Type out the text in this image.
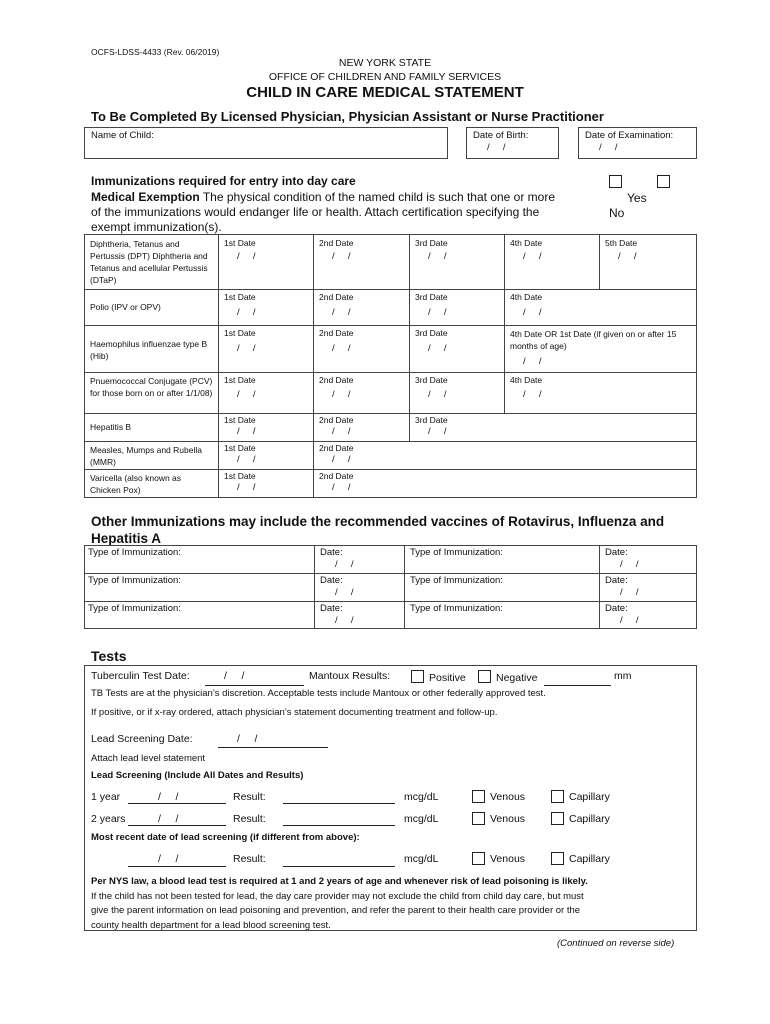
OCFS-LDSS-4433 (Rev. 06/2019)
NEW YORK STATE
OFFICE OF CHILDREN AND FAMILY SERVICES
CHILD IN CARE MEDICAL STATEMENT
To Be Completed By Licensed Physician, Physician Assistant or Nurse Practitioner
Name of Child:	Date of Birth:
/     /
Date of Examination:
/     /
Immunizations required for entry into day care
Medical Exemption The physical condition of the named child is such that one or more
of the immunizations would endanger life or health. Attach certification specifying the
exempt immunization(s).
Yes
No
Diphtheria, Tetanus and Pertussis (DPT) Diphtheria and Tetanus and acellular Pertussis (DTaP)
1st Date	2nd Date	3rd Date	4th Date	5th Date
/     /	/     /	/     /	/     /	/     /
Polio (IPV or OPV)
1st Date	2nd Date	3rd Date	4th Date
/     /	/     /	/     /	/     /
Haemophilus influenzae type B (Hib)
1st Date	2nd Date	3rd Date	4th Date OR 1st Date (if given on or after 15 months of age)
/     /	/     /	/     /
/     /
Pnuemococcal Conjugate (PCV) for those born on or after 1/1/08)
1st Date	2nd Date	3rd Date	4th Date
/     /	/     /	/     /	/     /
Hepatitis B
1st Date	2nd Date	3rd Date
/     /	/     /	/     /
Measles, Mumps and Rubella (MMR)
1st Date	2nd Date
/     /	/     /
Varicella (also known as Chicken Pox)
1st Date	2nd Date
/     /	/     /
Other Immunizations may include the recommended vaccines of Rotavirus, Influenza and
Hepatitis A
Type of Immunization:	Date:
/     /
Type of Immunization:	Date:
/     /
Type of Immunization:	Date:
/     /
Type of Immunization:	Date:
/     /
Type of Immunization:	Date:
/     /
Type of Immunization:	Date:
/     /
Tests
Tuberculin Test Date:	/     /	Mantoux Results:	Positive	Negative	mm
TB Tests are at the physician’s discretion. Acceptable tests include Mantoux or other federally approved test.
If positive, or if x-ray ordered, attach physician’s statement documenting treatment and follow-up.
Lead Screening Date:	/     /
Attach lead level statement
Lead Screening (Include All Dates and Results)
1 year	/     /	Result:	mcg/dL	Venous	Capillary
2 years	/     /	Result:	mcg/dL	Venous	Capillary
Most recent date of lead screening (if different from above):
/     /	Result:	mcg/dL	Venous	Capillary
Per NYS law, a blood lead test is required at 1 and 2 years of age and whenever risk of lead poisoning is likely.
If the child has not been tested for lead, the day care provider may not exclude the child from child day care, but must
give the parent information on lead poisoning and prevention, and refer the parent to their health care provider or the
county health department for a lead blood screening test.
(Continued on reverse side)
